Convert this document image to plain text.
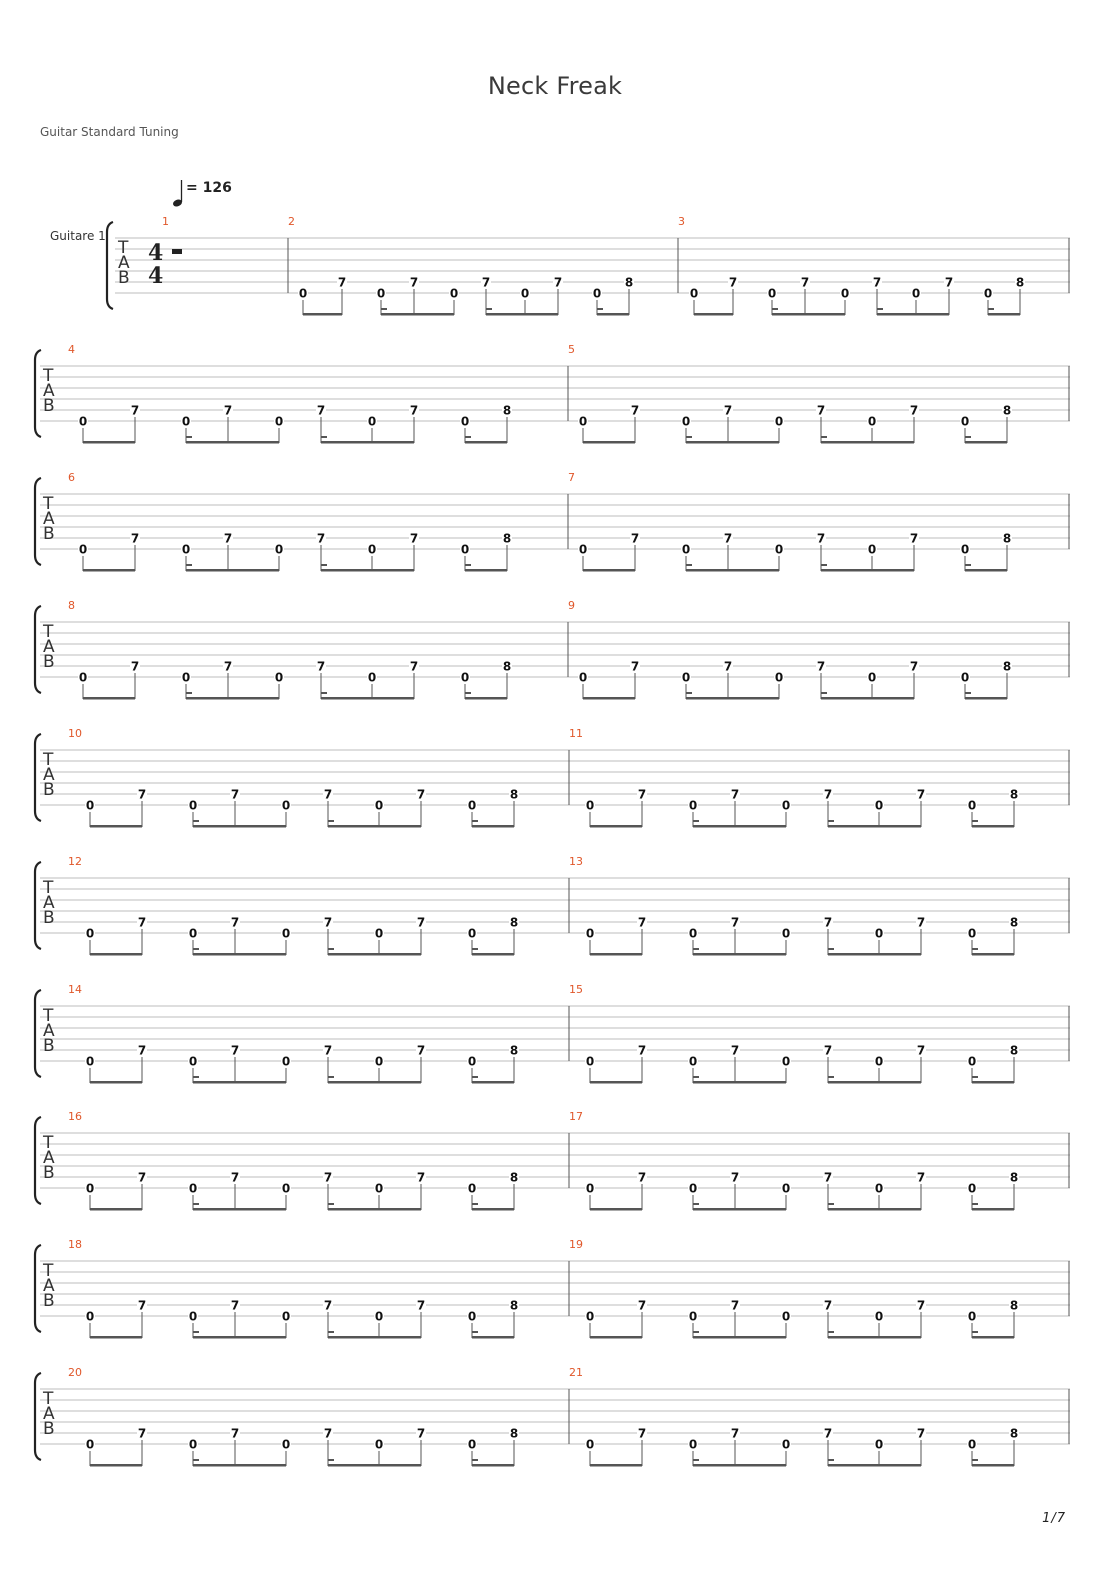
Neck Freak
Guitar Standard Tuning
= 126
Guitare 1
1/7
T
A
B
4
4
1	2	3
0
7
0
7
0
7
0
7
0
8
0
7
0
7
0
7
0
7
0
8
T
A
B
4	5
0
7
0
7
0
7
0
7
0
8
0
7
0
7
0
7
0
7
0
8
T
A
B
6	7
0
7
0
7
0
7
0
7
0
8
0
7
0
7
0
7
0
7
0
8
T
A
B
8	9
0
7
0
7
0
7
0
7
0
8
0
7
0
7
0
7
0
7
0
8
T
A
B
10	11
0
7
0
7
0
7
0
7
0
8
0
7
0
7
0
7
0
7
0
8
T
A
B
12	13
0
7
0
7
0
7
0
7
0
8
0
7
0
7
0
7
0
7
0
8
T
A
B
14	15
0
7
0
7
0
7
0
7
0
8
0
7
0
7
0
7
0
7
0
8
T
A
B
16	17
0
7
0
7
0
7
0
7
0
8
0
7
0
7
0
7
0
7
0
8
T
A
B
18	19
0
7
0
7
0
7
0
7
0
8
0
7
0
7
0
7
0
7
0
8
T
A
B
20	21
0
7
0
7
0
7
0
7
0
8
0
7
0
7
0
7
0
7
0
8
